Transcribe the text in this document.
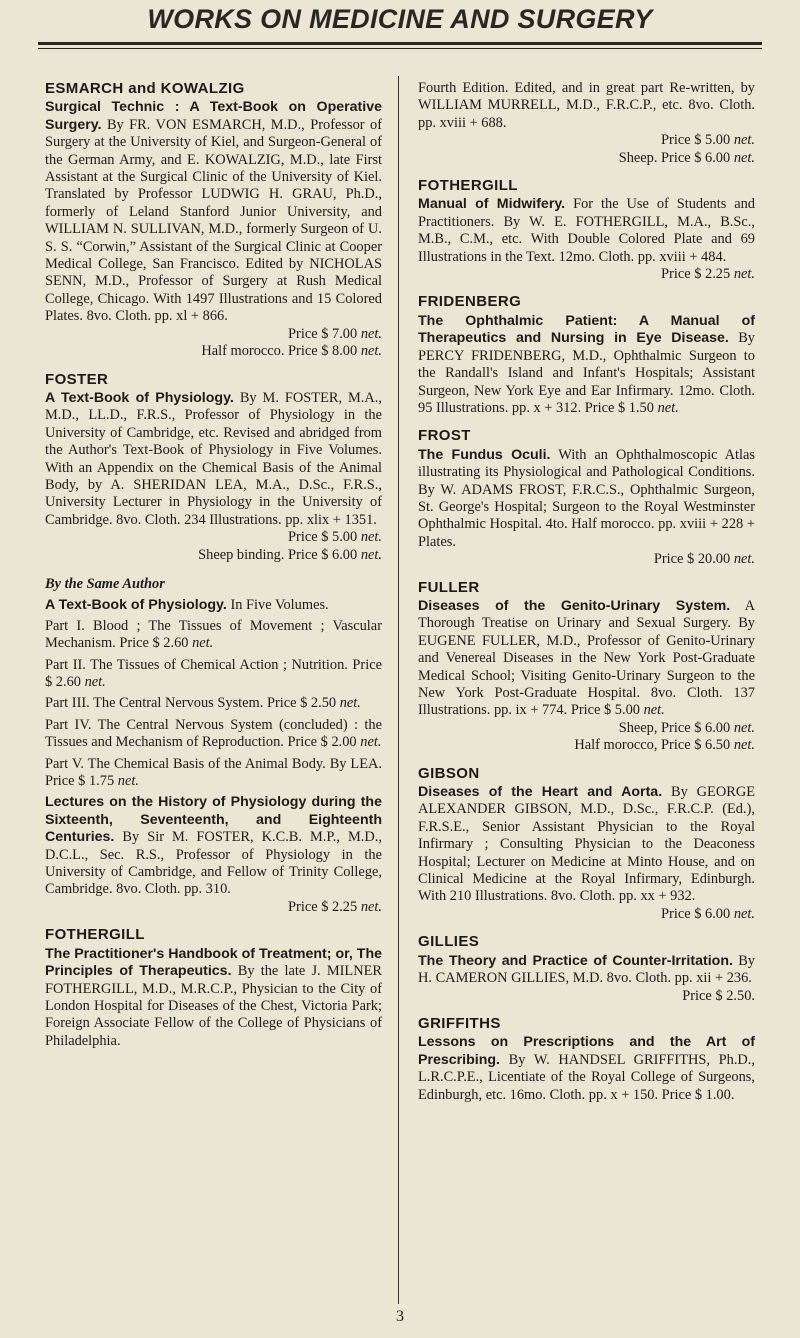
WORKS ON MEDICINE AND SURGERY
ESMARCH and KOWALZIG
Surgical Technic : A Text-Book on Operative Surgery. By FR. VON ESMARCH, M.D., Professor of Surgery at the University of Kiel, and Surgeon-General of the German Army, and E. KOWALZIG, M.D., late First Assistant at the Surgical Clinic of the University of Kiel. Translated by Professor LUDWIG H. GRAU, Ph.D., formerly of Leland Stanford Junior University, and WILLIAM N. SULLIVAN, M.D., formerly Surgeon of U. S. S. “Corwin,” Assistant of the Surgical Clinic at Cooper Medical College, San Francisco. Edited by NICHOLAS SENN, M.D., Professor of Surgery at Rush Medical College, Chicago. With 1497 Illustrations and 15 Colored Plates. 8vo. Cloth. pp. xl + 866.
Price $ 7.00 net.
Half morocco. Price $ 8.00 net.
FOSTER
A Text-Book of Physiology. By M. FOSTER, M.A., M.D., LL.D., F.R.S., Professor of Physiology in the University of Cambridge, etc. Revised and abridged from the Author's Text-Book of Physiology in Five Volumes. With an Appendix on the Chemical Basis of the Animal Body, by A. SHERIDAN LEA, M.A., D.Sc., F.R.S., University Lecturer in Physiology in the University of Cambridge. 8vo. Cloth. 234 Illustrations. pp. xlix + 1351.
Price $ 5.00 net.
Sheep binding. Price $ 6.00 net.
By the Same Author
A Text-Book of Physiology. In Five Volumes.
Part I. Blood ; The Tissues of Movement ; Vascular Mechanism. Price $ 2.60 net.
Part II. The Tissues of Chemical Action ; Nutrition. Price $ 2.60 net.
Part III. The Central Nervous System. Price $ 2.50 net.
Part IV. The Central Nervous System (concluded) : the Tissues and Mechanism of Reproduction. Price $ 2.00 net.
Part V. The Chemical Basis of the Animal Body. By LEA. Price $ 1.75 net.
Lectures on the History of Physiology during the Sixteenth, Seventeenth, and Eighteenth Centuries. By Sir M. FOSTER, K.C.B. M.P., M.D., D.C.L., Sec. R.S., Professor of Physiology in the University of Cambridge, and Fellow of Trinity College, Cambridge. 8vo. Cloth. pp. 310.
Price $ 2.25 net.
FOTHERGILL
The Practitioner's Handbook of Treatment; or, The Principles of Therapeutics. By the late J. MILNER FOTHERGILL, M.D., M.R.C.P., Physician to the City of London Hospital for Diseases of the Chest, Victoria Park; Foreign Associate Fellow of the College of Physicians of Philadelphia.
Fourth Edition. Edited, and in great part Re-written, by WILLIAM MURRELL, M.D., F.R.C.P., etc. 8vo. Cloth. pp. xviii + 688.
Price $ 5.00 net.
Sheep. Price $ 6.00 net.
FOTHERGILL
Manual of Midwifery. For the Use of Students and Practitioners. By W. E. FOTHERGILL, M.A., B.Sc., M.B., C.M., etc. With Double Colored Plate and 69 Illustrations in the Text. 12mo. Cloth. pp. xviii + 484.
Price $ 2.25 net.
FRIDENBERG
The Ophthalmic Patient: A Manual of Therapeutics and Nursing in Eye Disease. By PERCY FRIDENBERG, M.D., Ophthalmic Surgeon to the Randall's Island and Infant's Hospitals; Assistant Surgeon, New York Eye and Ear Infirmary. 12mo. Cloth. 95 Illustrations. pp. x + 312. Price $ 1.50 net.
FROST
The Fundus Oculi. With an Ophthalmoscopic Atlas illustrating its Physiological and Pathological Conditions. By W. ADAMS FROST, F.R.C.S., Ophthalmic Surgeon, St. George's Hospital; Surgeon to the Royal Westminster Ophthalmic Hospital. 4to. Half morocco. pp. xviii + 228 + Plates.
Price $ 20.00 net.
FULLER
Diseases of the Genito-Urinary System. A Thorough Treatise on Urinary and Sexual Surgery. By EUGENE FULLER, M.D., Professor of Genito-Urinary and Venereal Diseases in the New York Post-Graduate Medical School; Visiting Genito-Urinary Surgeon to the New York Post-Graduate Hospital. 8vo. Cloth. 137 Illustrations. pp. ix + 774. Price $ 5.00 net.
Sheep, Price $ 6.00 net.
Half morocco, Price $ 6.50 net.
GIBSON
Diseases of the Heart and Aorta. By GEORGE ALEXANDER GIBSON, M.D., D.Sc., F.R.C.P. (Ed.), F.R.S.E., Senior Assistant Physician to the Royal Infirmary ; Consulting Physician to the Deaconess Hospital; Lecturer on Medicine at Minto House, and on Clinical Medicine at the Royal Infirmary, Edinburgh. With 210 Illustrations. 8vo. Cloth. pp. xx + 932.
Price $ 6.00 net.
GILLIES
The Theory and Practice of Counter-Irritation. By H. CAMERON GILLIES, M.D. 8vo. Cloth. pp. xii + 236.
Price $ 2.50.
GRIFFITHS
Lessons on Prescriptions and the Art of Prescribing. By W. HANDSEL GRIFFITHS, Ph.D., L.R.C.P.E., Licentiate of the Royal College of Surgeons, Edinburgh, etc. 16mo. Cloth. pp. x + 150. Price $ 1.00.
3
